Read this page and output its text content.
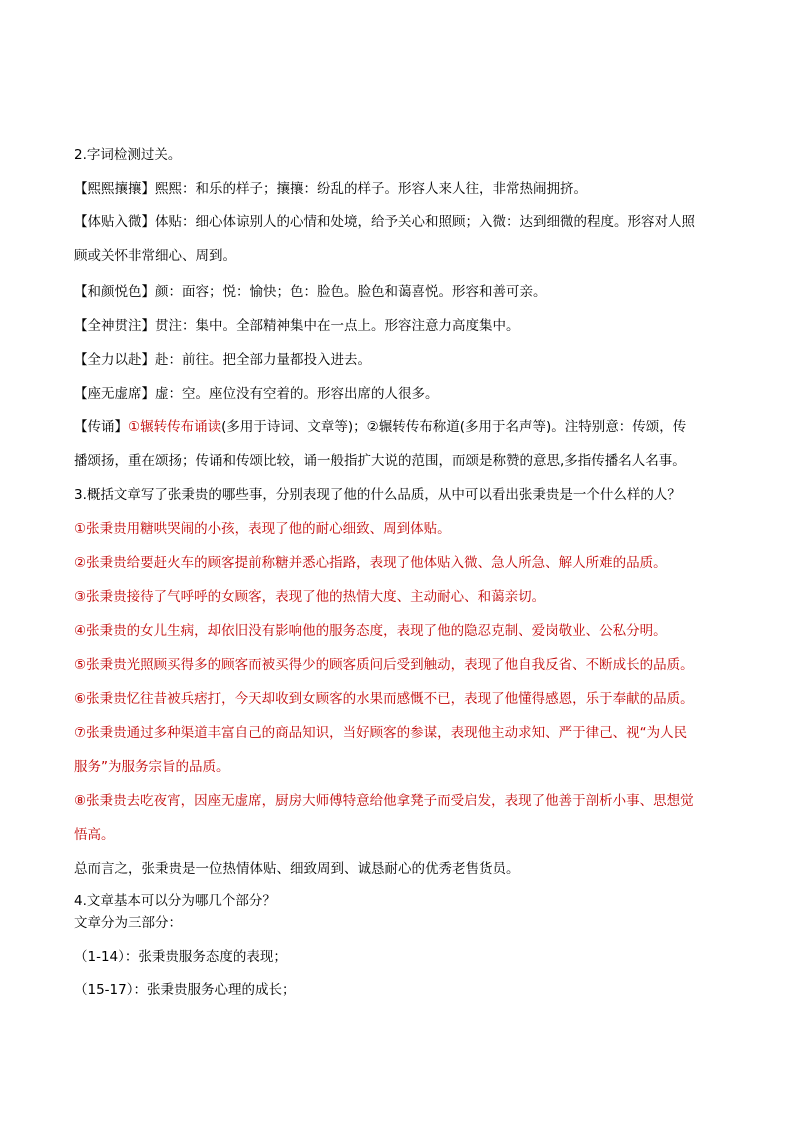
2.字词检测过关。
【熙熙攘攘】熙熙：和乐的样子；攘攘：纷乱的样子。形容人来人往，非常热闹拥挤。
【体贴入微】体贴：细心体谅别人的心情和处境，给予关心和照顾；入微：达到细微的程度。形容对人照
顾或关怀非常细心、周到。
【和颜悦色】颜：面容；悦：愉快；色：脸色。脸色和蔼喜悦。形容和善可亲。
【全神贯注】贯注：集中。全部精神集中在一点上。形容注意力高度集中。
【全力以赴】赴：前往。把全部力量都投入进去。
【座无虚席】虚：空。座位没有空着的。形容出席的人很多。
【传诵】①辗转传布诵读(多用于诗词、文章等)；②辗转传布称道(多用于名声等)。注特别意：传颂，传
播颂扬，重在颂扬；传诵和传颂比较，诵一般指扩大说的范围，而颂是称赞的意思,多指传播名人名事。
3.概括文章写了张秉贵的哪些事，分别表现了他的什么品质，从中可以看出张秉贵是一个什么样的人？
①张秉贵用糖哄哭闹的小孩，表现了他的耐心细致、周到体贴。
②张秉贵给要赶火车的顾客提前称糖并悉心指路，表现了他体贴入微、急人所急、解人所难的品质。
③张秉贵接待了气呼呼的女顾客，表现了他的热情大度、主动耐心、和蔼亲切。
④张秉贵的女儿生病，却依旧没有影响他的服务态度，表现了他的隐忍克制、爱岗敬业、公私分明。
⑤张秉贵光照顾买得多的顾客而被买得少的顾客质问后受到触动，表现了他自我反省、不断成长的品质。
⑥张秉贵忆往昔被兵痞打，今天却收到女顾客的水果而感慨不已，表现了他懂得感恩，乐于奉献的品质。
⑦张秉贵通过多种渠道丰富自己的商品知识，当好顾客的参谋，表现他主动求知、严于律己、视“为人民
服务”为服务宗旨的品质。
⑧张秉贵去吃夜宵，因座无虚席，厨房大师傅特意给他拿凳子而受启发，表现了他善于剖析小事、思想觉
悟高。
总而言之，张秉贵是一位热情体贴、细致周到、诚恳耐心的优秀老售货员。
4.文章基本可以分为哪几个部分？
文章分为三部分：
（1-14）：张秉贵服务态度的表现；
（15-17）：张秉贵服务心理的成长；
